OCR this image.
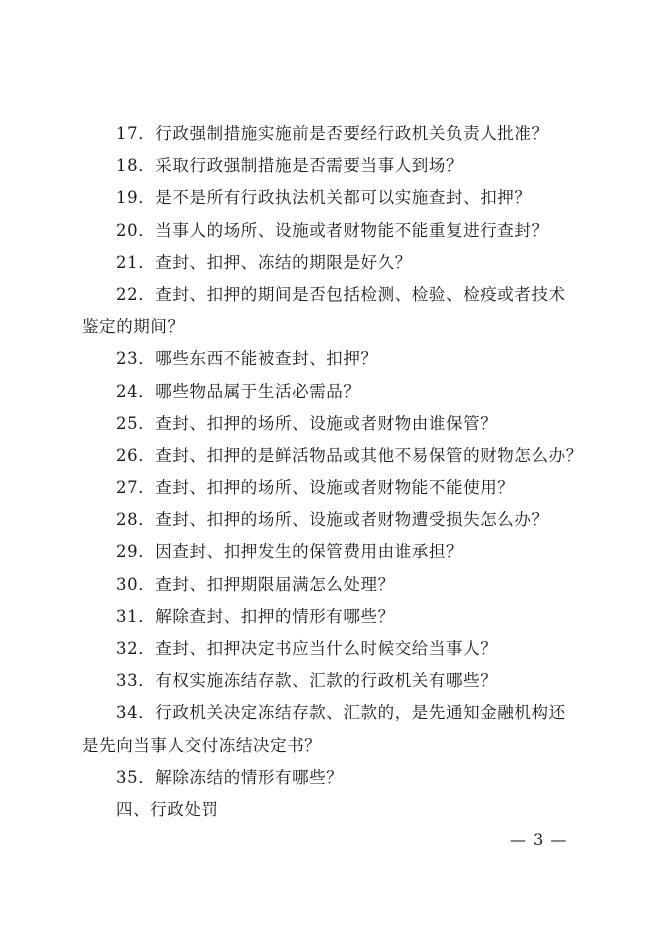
17．行政强制措施实施前是否要经行政机关负责人批准？
18．采取行政强制措施是否需要当事人到场？
19．是不是所有行政执法机关都可以实施查封、扣押？
20．当事人的场所、设施或者财物能不能重复进行查封？
21．查封、扣押、冻结的期限是好久？
22．查封、扣押的期间是否包括检测、检验、检疫或者技术
鉴定的期间？
23．哪些东西不能被查封、扣押？
24．哪些物品属于生活必需品？
25．查封、扣押的场所、设施或者财物由谁保管？
26．查封、扣押的是鲜活物品或其他不易保管的财物怎么办？
27．查封、扣押的场所、设施或者财物能不能使用？
28．查封、扣押的场所、设施或者财物遭受损失怎么办？
29．因查封、扣押发生的保管费用由谁承担？
30．查封、扣押期限届满怎么处理？
31．解除查封、扣押的情形有哪些？
32．查封、扣押决定书应当什么时候交给当事人？
33．有权实施冻结存款、汇款的行政机关有哪些？
34．行政机关决定冻结存款、汇款的，是先通知金融机构还
是先向当事人交付冻结决定书？
35．解除冻结的情形有哪些？
四、行政处罚
— 3 —
